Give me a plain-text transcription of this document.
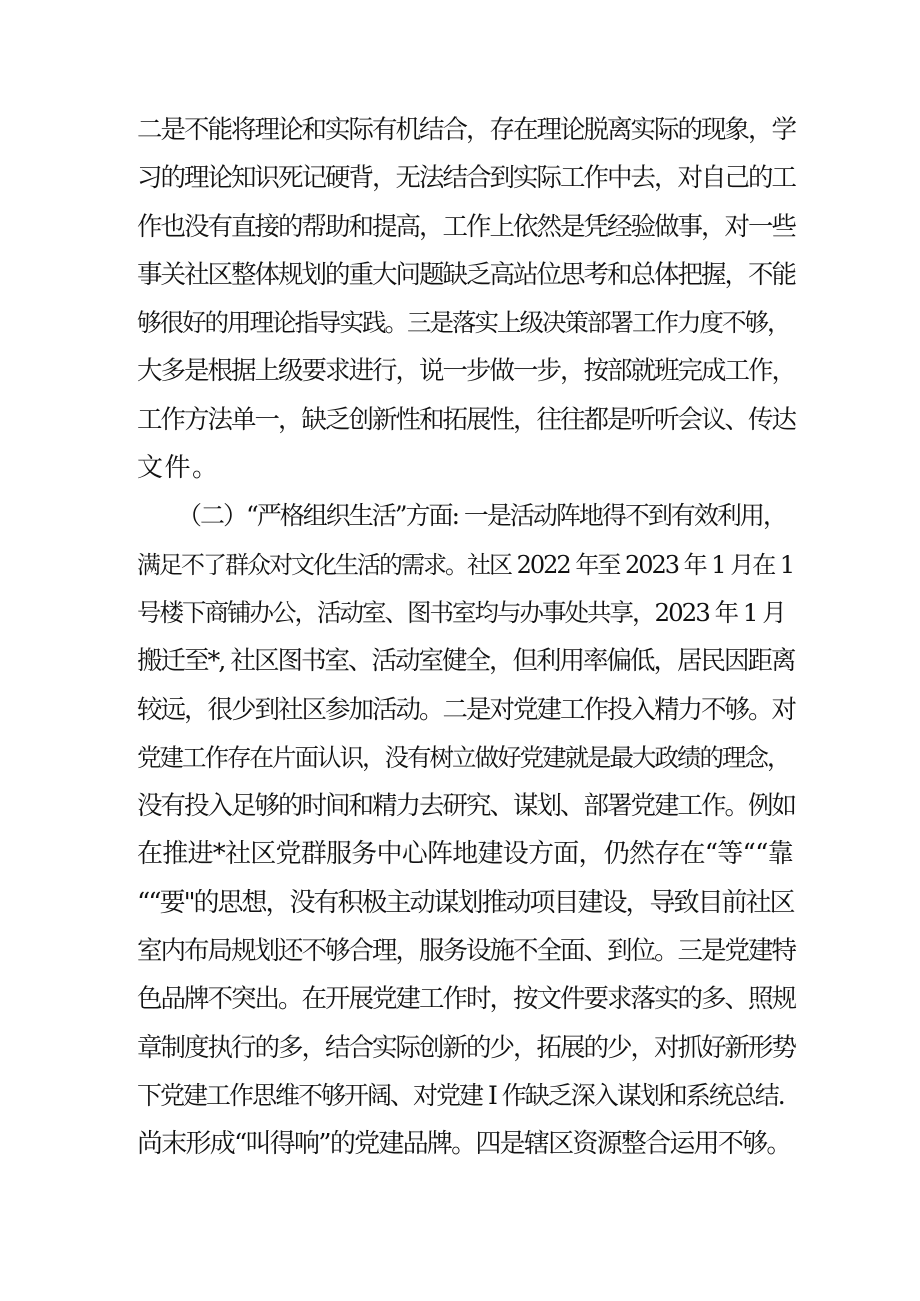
二是不能将理论和实际有机结合，存在理论脱离实际的现象，学
习的理论知识死记硬背，无法结合到实际工作中去，对自己的工
作也没有直接的帮助和提高，工作上依然是凭经验做事，对一些
事关社区整体规划的重大问题缺乏高站位思考和总体把握，不能
够很好的用理论指导实践。三是落实上级决策部署工作力度不够，
大多是根据上级要求进行，说一步做一步，按部就班完成工作，
工作方法单一，缺乏创新性和拓展性，往往都是听听会议、传达
文件。
（二）“严格组织生活”方面: 一是活动阵地得不到有效利用，
满足不了群众对文化生活的需求。社区 2022 年至 2023 年 1 月在 1
号楼下商铺办公，活动室、图书室均与办事处共享，2023 年 1 月
搬迁至*, 社区图书室、活动室健全，但利用率偏低，居民因距离
较远，很少到社区参加活动。二是对党建工作投入精力不够。对
党建工作存在片面认识，没有树立做好党建就是最大政绩的理念，
没有投入足够的时间和精力去研究、谋划、部署党建工作。例如
在推进*社区党群服务中心阵地建设方面，仍然存在“等““靠
““要"的思想，没有积极主动谋划推动项目建设，导致目前社区
室内布局规划还不够合理，服务设施不全面、到位。三是党建特
色品牌不突出。在开展党建工作时，按文件要求落实的多、照规
章制度执行的多，结合实际创新的少，拓展的少，对抓好新形势
下党建工作思维不够开阔、对党建 I 作缺乏深入谋划和系统总结.
尚末形成“叫得响”的党建品牌。四是辖区资源整合运用不够。
